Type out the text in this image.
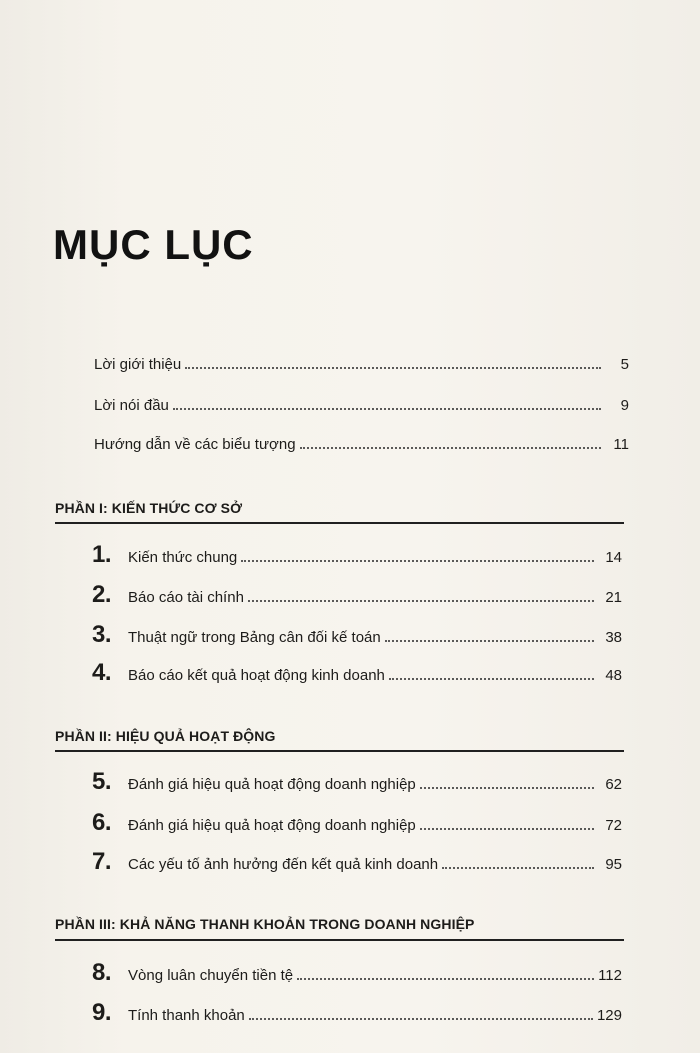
MỤC LỤC
Lời giới thiệu	5
Lời nói đầu	9
Hướng dẫn về các biểu tượng	11
PHẦN I: KIẾN THỨC CƠ SỞ
1.	Kiến thức chung	14
2.	Báo cáo tài chính	21
3.	Thuật ngữ trong Bảng cân đối kế toán	38
4.	Báo cáo kết quả hoạt động kinh doanh	48
PHẦN II: HIỆU QUẢ HOẠT ĐỘNG
5.	Đánh giá hiệu quả hoạt động doanh nghiệp	62
6.	Đánh giá hiệu quả hoạt động doanh nghiệp	72
7.	Các yếu tố ảnh hưởng đến kết quả kinh doanh	95
PHẦN III: KHẢ NĂNG THANH KHOẢN TRONG DOANH NGHIỆP
8.	Vòng luân chuyển tiền tệ	112
9.	Tính thanh khoản	129
